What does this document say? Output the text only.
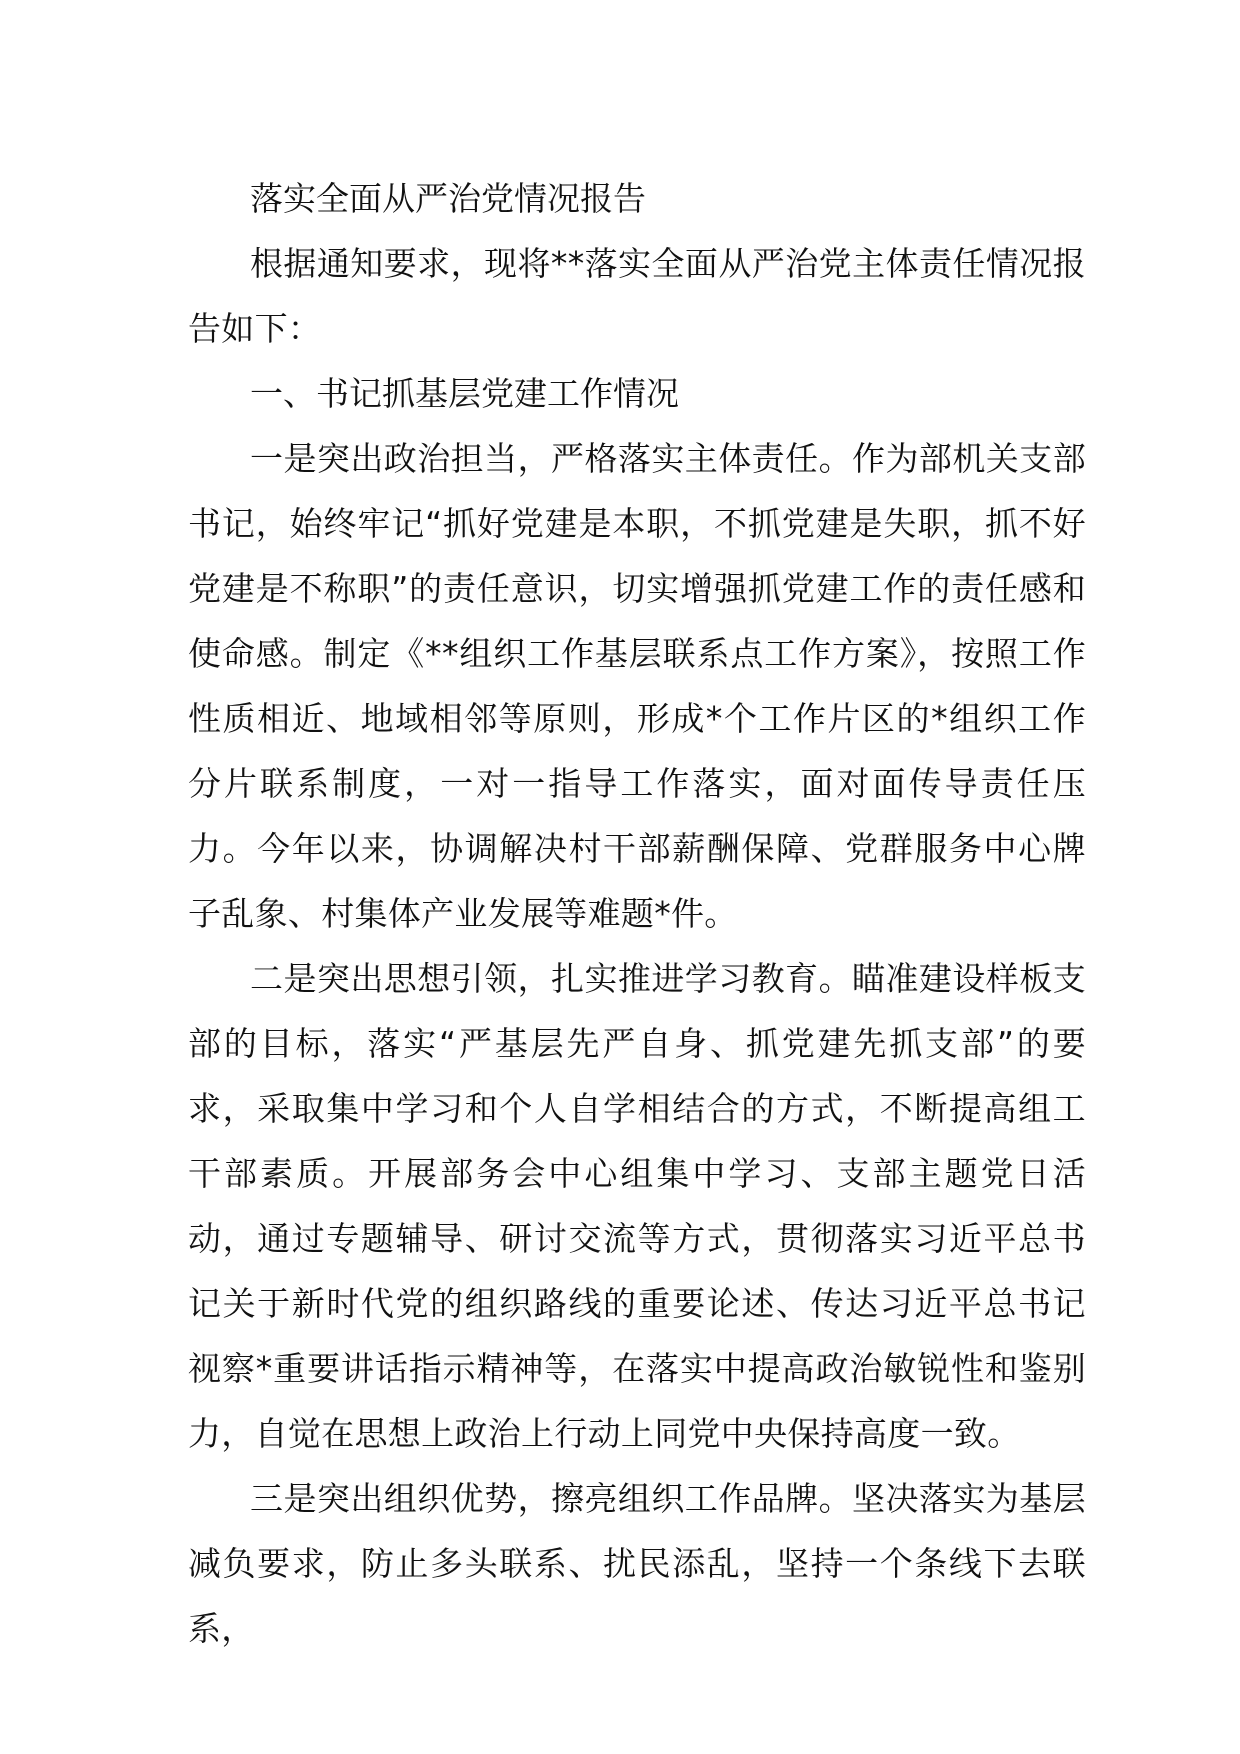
落实全面从严治党情况报告

根据通知要求，现将**落实全面从严治党主体责任情况报告如下：

一、书记抓基层党建工作情况

一是突出政治担当，严格落实主体责任。作为部机关支部书记，始终牢记“抓好党建是本职，不抓党建是失职，抓不好党建是不称职”的责任意识，切实增强抓党建工作的责任感和使命感。制定《**组织工作基层联系点工作方案》，按照工作性质相近、地域相邻等原则，形成*个工作片区的*组织工作分片联系制度，一对一指导工作落实，面对面传导责任压力。今年以来，协调解决村干部薪酬保障、党群服务中心牌子乱象、村集体产业发展等难题*件。

二是突出思想引领，扎实推进学习教育。瞄准建设样板支部的目标，落实“严基层先严自身、抓党建先抓支部”的要求，采取集中学习和个人自学相结合的方式，不断提高组工干部素质。开展部务会中心组集中学习、支部主题党日活动，通过专题辅导、研讨交流等方式，贯彻落实习近平总书记关于新时代党的组织路线的重要论述、传达习近平总书记视察*重要讲话指示精神等，在落实中提高政治敏锐性和鉴别力，自觉在思想上政治上行动上同党中央保持高度一致。

三是突出组织优势，擦亮组织工作品牌。坚决落实为基层减负要求，防止多头联系、扰民添乱，坚持一个条线下去联系，
